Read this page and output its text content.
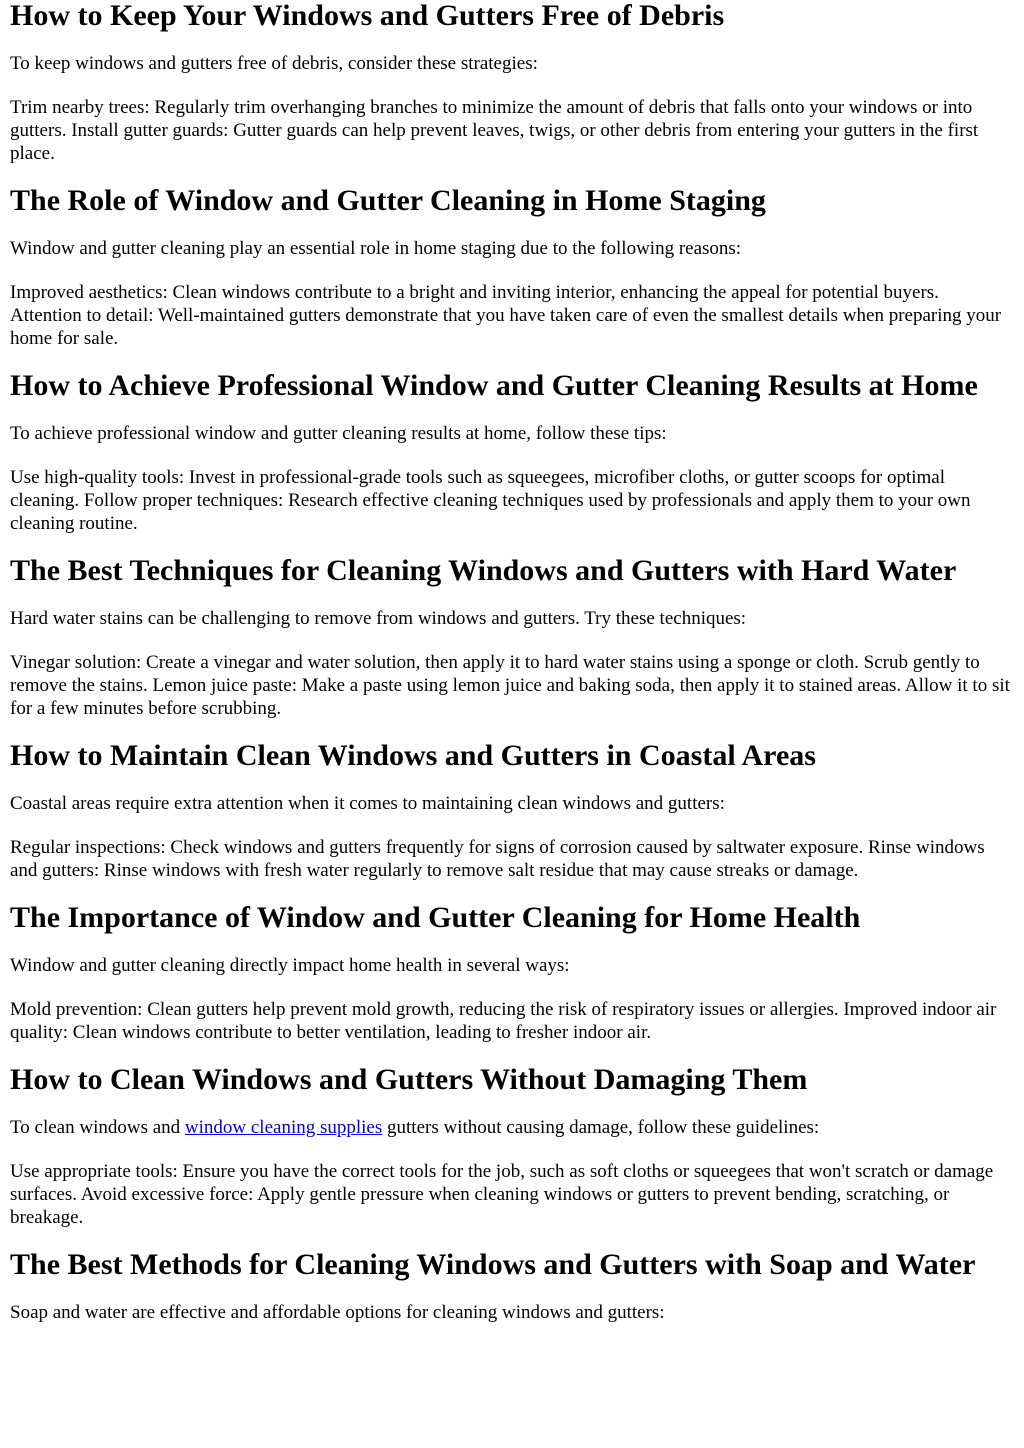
How to Keep Your Windows and Gutters Free of Debris

To keep windows and gutters free of debris, consider these strategies:

Trim nearby trees: Regularly trim overhanging branches to minimize the amount of debris that falls onto your windows or into gutters. Install gutter guards: Gutter guards can help prevent leaves, twigs, or other debris from entering your gutters in the first place.

The Role of Window and Gutter Cleaning in Home Staging

Window and gutter cleaning play an essential role in home staging due to the following reasons:

Improved aesthetics: Clean windows contribute to a bright and inviting interior, enhancing the appeal for potential buyers. Attention to detail: Well-maintained gutters demonstrate that you have taken care of even the smallest details when preparing your home for sale.

How to Achieve Professional Window and Gutter Cleaning Results at Home

To achieve professional window and gutter cleaning results at home, follow these tips:

Use high-quality tools: Invest in professional-grade tools such as squeegees, microfiber cloths, or gutter scoops for optimal cleaning. Follow proper techniques: Research effective cleaning techniques used by professionals and apply them to your own cleaning routine.

The Best Techniques for Cleaning Windows and Gutters with Hard Water

Hard water stains can be challenging to remove from windows and gutters. Try these techniques:

Vinegar solution: Create a vinegar and water solution, then apply it to hard water stains using a sponge or cloth. Scrub gently to remove the stains. Lemon juice paste: Make a paste using lemon juice and baking soda, then apply it to stained areas. Allow it to sit for a few minutes before scrubbing.

How to Maintain Clean Windows and Gutters in Coastal Areas

Coastal areas require extra attention when it comes to maintaining clean windows and gutters:

Regular inspections: Check windows and gutters frequently for signs of corrosion caused by saltwater exposure. Rinse windows and gutters: Rinse windows with fresh water regularly to remove salt residue that may cause streaks or damage.

The Importance of Window and Gutter Cleaning for Home Health

Window and gutter cleaning directly impact home health in several ways:

Mold prevention: Clean gutters help prevent mold growth, reducing the risk of respiratory issues or allergies. Improved indoor air quality: Clean windows contribute to better ventilation, leading to fresher indoor air.

How to Clean Windows and Gutters Without Damaging Them

To clean windows and window cleaning supplies gutters without causing damage, follow these guidelines:

Use appropriate tools: Ensure you have the correct tools for the job, such as soft cloths or squeegees that won't scratch or damage surfaces. Avoid excessive force: Apply gentle pressure when cleaning windows or gutters to prevent bending, scratching, or breakage.

The Best Methods for Cleaning Windows and Gutters with Soap and Water

Soap and water are effective and affordable options for cleaning windows and gutters:
